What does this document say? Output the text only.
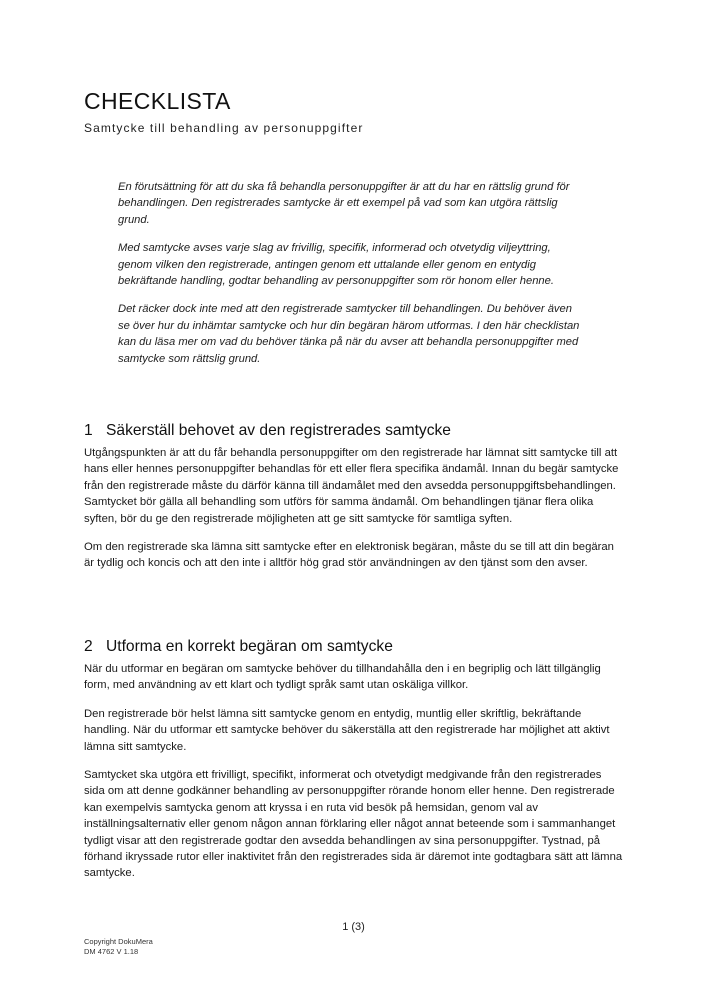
CHECKLISTA
Samtycke till behandling av personuppgifter

En förutsättning för att du ska få behandla personuppgifter är att du har en rättslig grund för behandlingen. Den registrerades samtycke är ett exempel på vad som kan utgöra rättslig grund.

Med samtycke avses varje slag av frivillig, specifik, informerad och otvetydig viljeyttring, genom vilken den registrerade, antingen genom ett uttalande eller genom en entydig bekräftande handling, godtar behandling av personuppgifter som rör honom eller henne.

Det räcker dock inte med att den registrerade samtycker till behandlingen. Du behöver även se över hur du inhämtar samtycke och hur din begäran härom utformas. I den här checklistan kan du läsa mer om vad du behöver tänka på när du avser att behandla personuppgifter med samtycke som rättslig grund.

1 Säkerställ behovet av den registrerades samtycke

Utgångspunkten är att du får behandla personuppgifter om den registrerade har lämnat sitt samtycke till att hans eller hennes personuppgifter behandlas för ett eller flera specifika ändamål. Innan du begär samtycke från den registrerade måste du därför känna till ändamålet med den avsedda personuppgiftsbehandlingen. Samtycket bör gälla all behandling som utförs för samma ändamål. Om behandlingen tjänar flera olika syften, bör du ge den registrerade möjligheten att ge sitt samtycke för samtliga syften.

Om den registrerade ska lämna sitt samtycke efter en elektronisk begäran, måste du se till att din begäran är tydlig och koncis och att den inte i alltför hög grad stör användningen av den tjänst som den avser.

2 Utforma en korrekt begäran om samtycke

När du utformar en begäran om samtycke behöver du tillhandahålla den i en begriplig och lätt tillgänglig form, med användning av ett klart och tydligt språk samt utan oskäliga villkor.

Den registrerade bör helst lämna sitt samtycke genom en entydig, muntlig eller skriftlig, bekräftande handling. När du utformar ett samtycke behöver du säkerställa att den registrerade har möjlighet att aktivt lämna sitt samtycke.

Samtycket ska utgöra ett frivilligt, specifikt, informerat och otvetydigt medgivande från den registrerades sida om att denne godkänner behandling av personuppgifter rörande honom eller henne. Den registrerade kan exempelvis samtycka genom att kryssa i en ruta vid besök på hemsidan, genom val av inställningsalternativ eller genom någon annan förklaring eller något annat beteende som i sammanhanget tydligt visar att den registrerade godtar den avsedda behandlingen av sina personuppgifter. Tystnad, på förhand ikryssade rutor eller inaktivitet från den registrerades sida är däremot inte godtagbara sätt att lämna samtycke.

1 (3)
Copyright DokuMera
DM 4762 V 1.18
